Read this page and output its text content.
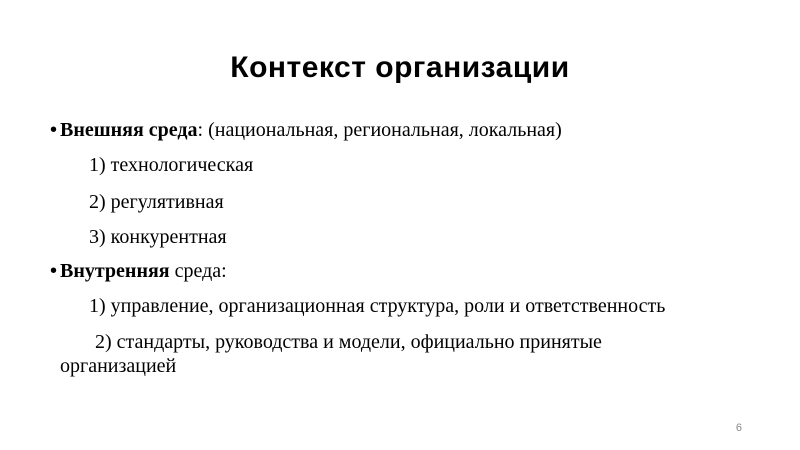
Контекст организации
• Внешняя среда: (национальная, региональная, локальная)
1) технологическая
2) регулятивная
3) конкурентная
• Внутренняя среда:
1) управление, организационная структура, роли и ответственность
2) стандарты, руководства и модели, официально принятые организацией
6
